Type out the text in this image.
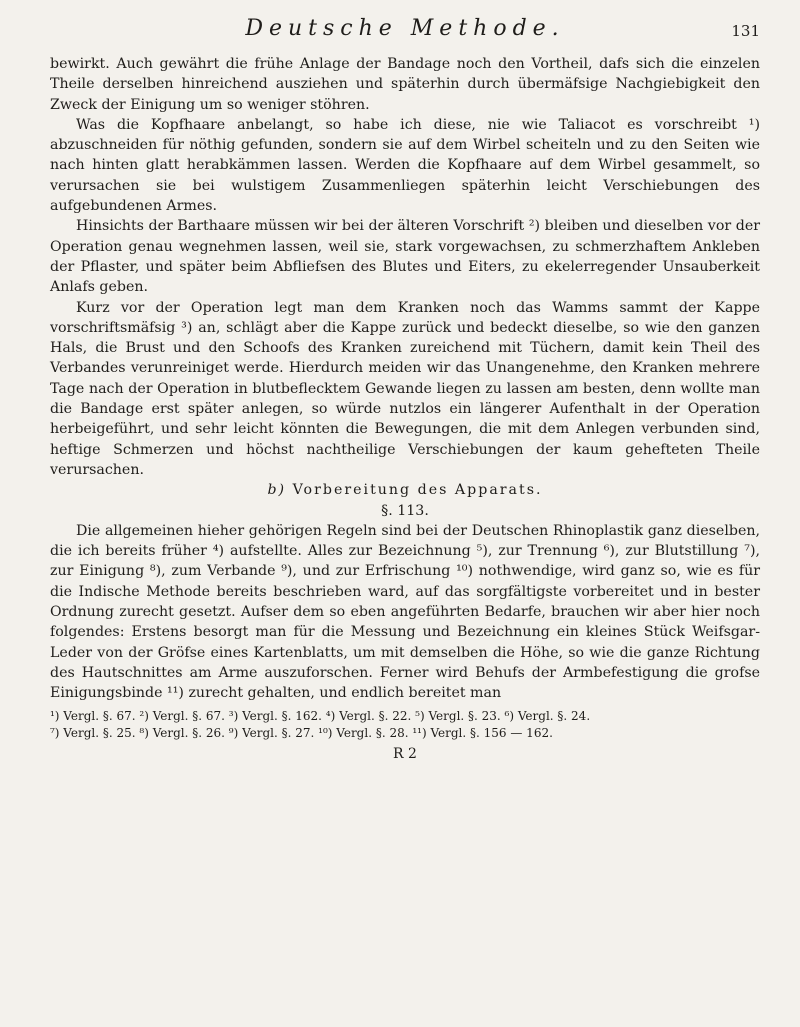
Deutsche Methode.	131

bewirkt. Auch gewährt die frühe Anlage der Bandage noch den Vortheil, dafs sich die einzelen Theile derselben hinreichend ausziehen und späterhin durch übermäfsige Nachgiebigkeit den Zweck der Einigung um so weniger stöhren.

Was die Kopfhaare anbelangt, so habe ich diese, nie wie Taliacot es vorschreibt ¹) abzuschneiden für nöthig gefunden, sondern sie auf dem Wirbel scheiteln und zu den Seiten wie nach hinten glatt herabkämmen lassen. Werden die Kopfhaare auf dem Wirbel gesammelt, so verursachen sie bei wulstigem Zusammenliegen späterhin leicht Verschiebungen des aufgebundenen Armes.

Hinsichts der Barthaare müssen wir bei der älteren Vorschrift ²) bleiben und dieselben vor der Operation genau wegnehmen lassen, weil sie, stark vorgewachsen, zu schmerzhaftem Ankleben der Pflaster, und später beim Abfliefsen des Blutes und Eiters, zu ekelerregender Unsauberkeit Anlafs geben.

Kurz vor der Operation legt man dem Kranken noch das Wamms sammt der Kappe vorschriftsmäfsig ³) an, schlägt aber die Kappe zurück und bedeckt dieselbe, so wie den ganzen Hals, die Brust und den Schoofs des Kranken zureichend mit Tüchern, damit kein Theil des Verbandes verunreiniget werde. Hierdurch meiden wir das Unangenehme, den Kranken mehrere Tage nach der Operation in blutbeflecktem Gewande liegen zu lassen am besten, denn wollte man die Bandage erst später anlegen, so würde nutzlos ein längerer Aufenthalt in der Operation herbeigeführt, und sehr leicht könnten die Bewegungen, die mit dem Anlegen verbunden sind, heftige Schmerzen und höchst nachtheilige Verschiebungen der kaum gehefteten Theile verursachen.

b) Vorbereitung des Apparats.

§. 113.

Die allgemeinen hieher gehörigen Regeln sind bei der Deutschen Rhinoplastik ganz dieselben, die ich bereits früher ⁴) aufstellte. Alles zur Bezeichnung ⁵), zur Trennung ⁶), zur Blutstillung ⁷), zur Einigung ⁸), zum Verbande ⁹), und zur Erfrischung ¹⁰) nothwendige, wird ganz so, wie es für die Indische Methode bereits beschrieben ward, auf das sorgfältigste vorbereitet und in bester Ordnung zurecht gesetzt. Aufser dem so eben angeführten Bedarfe, brauchen wir aber hier noch folgendes: Erstens besorgt man für die Messung und Bezeichnung ein kleines Stück Weifsgar-Leder von der Gröfse eines Kartenblatts, um mit demselben die Höhe, so wie die ganze Richtung des Hautschnittes am Arme auszuforschen. Ferner wird Behufs der Armbefestigung die grofse Einigungsbinde ¹¹) zurecht gehalten, und endlich bereitet man

¹) Vergl. §. 67. ²) Vergl. §. 67. ³) Vergl. §. 162. ⁴) Vergl. §. 22. ⁵) Vergl. §. 23. ⁶) Vergl. §. 24.
⁷) Vergl. §. 25. ⁸) Vergl. §. 26. ⁹) Vergl. §. 27. ¹⁰) Vergl. §. 28. ¹¹) Vergl. §. 156 — 162.
R 2
